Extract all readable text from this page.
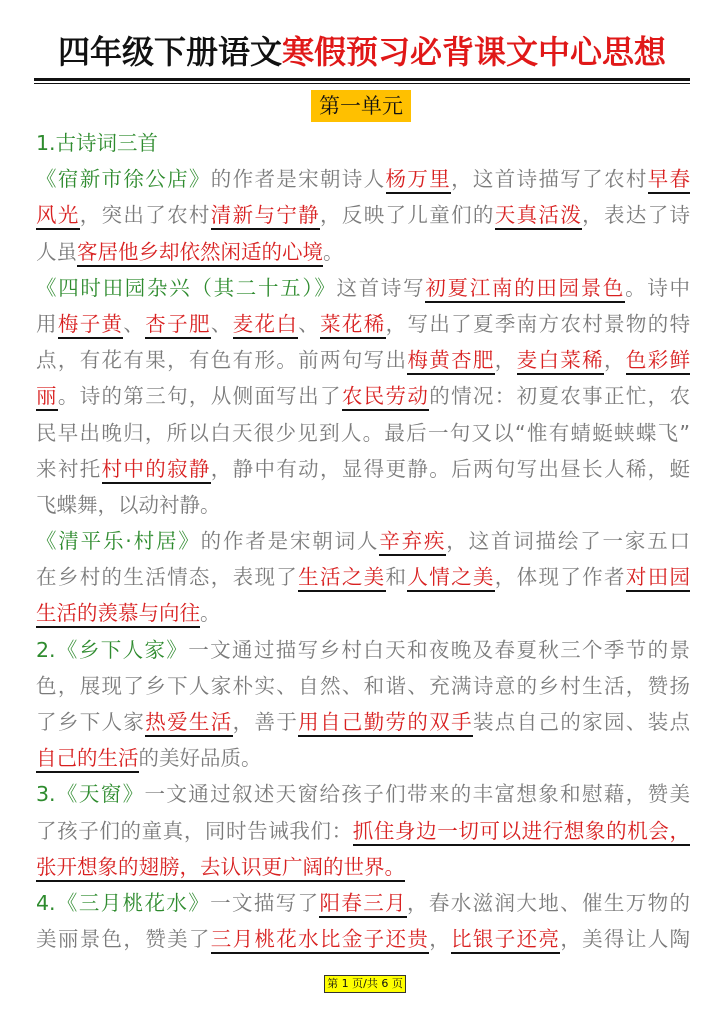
四年级下册语文寒假预习必背课文中心思想
第一单元
1.古诗词三首
《宿新市徐公店》的作者是宋朝诗人杨万里，这首诗描写了农村早春
风光，突出了农村清新与宁静，反映了儿童们的天真活泼，表达了诗
人虽客居他乡却依然闲适的心境。
《四时田园杂兴（其二十五）》这首诗写初夏江南的田园景色。诗中
用梅子黄、杏子肥、麦花白、菜花稀，写出了夏季南方农村景物的特
点，有花有果，有色有形。前两句写出梅黄杏肥，麦白菜稀，色彩鲜
丽。诗的第三句，从侧面写出了农民劳动的情况：初夏农事正忙，农
民早出晚归，所以白天很少见到人。最后一句又以“惟有蜻蜓蛱蝶飞”
来衬托村中的寂静，静中有动，显得更静。后两句写出昼长人稀，蜓
飞蝶舞，以动衬静。
《清平乐·村居》的作者是宋朝词人辛弃疾，这首词描绘了一家五口
在乡村的生活情态，表现了生活之美和人情之美，体现了作者对田园
生活的羡慕与向往。
2.《乡下人家》一文通过描写乡村白天和夜晚及春夏秋三个季节的景
色，展现了乡下人家朴实、自然、和谐、充满诗意的乡村生活，赞扬
了乡下人家热爱生活，善于用自己勤劳的双手装点自己的家园、装点
自己的生活的美好品质。
3.《天窗》一文通过叙述天窗给孩子们带来的丰富想象和慰藉，赞美
了孩子们的童真，同时告诫我们：抓住身边一切可以进行想象的机会，
张开想象的翅膀，去认识更广阔的世界。
4.《三月桃花水》一文描写了阳春三月，春水滋润大地、催生万物的
美丽景色，赞美了三月桃花水比金子还贵，比银子还亮，美得让人陶
第 1 页/共 6 页
